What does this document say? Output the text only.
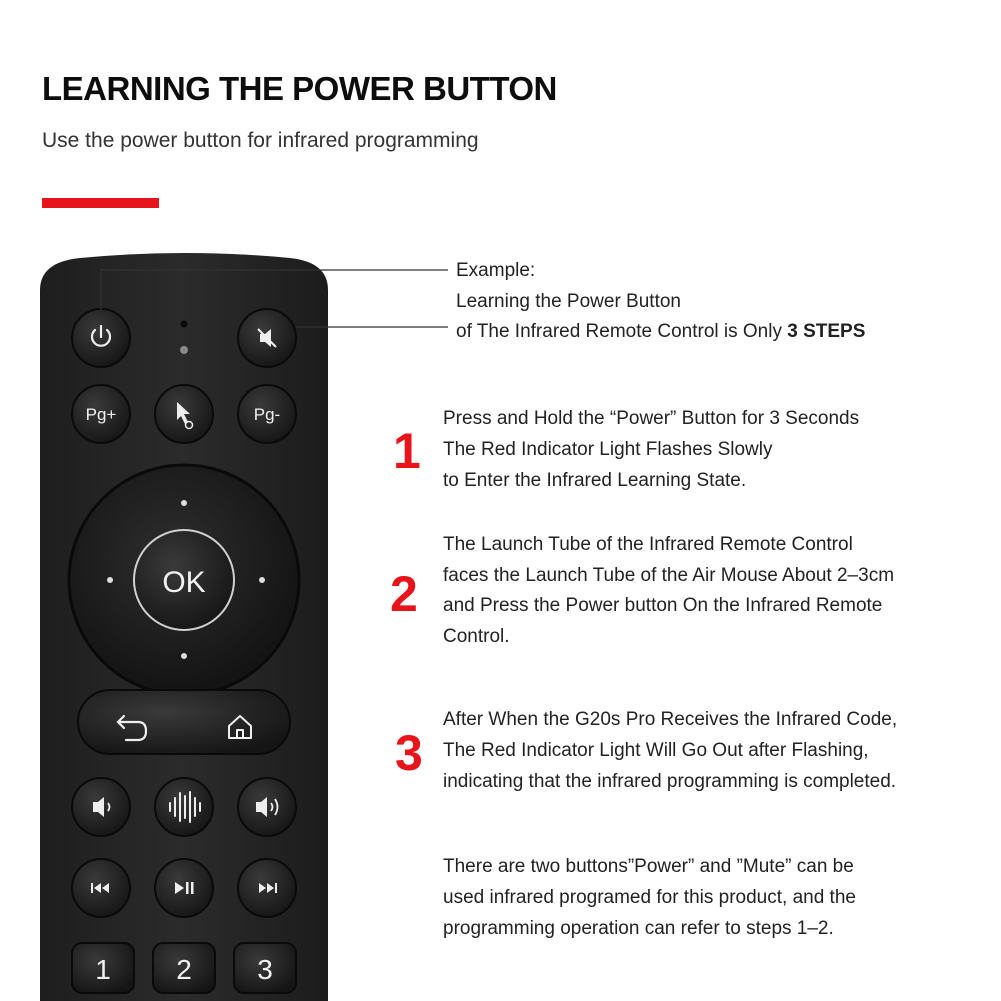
LEARNING THE POWER BUTTON
Use the power button for infrared programming
Pg+	Pg-
OK
1 2 3
Example:
Learning the Power Button
of The Infrared Remote Control is Only 3 STEPS
1
Press and Hold the “Power” Button for 3 Seconds
The Red Indicator Light Flashes Slowly
to Enter the Infrared Learning State.
2
The Launch Tube of the Infrared Remote Control
faces the Launch Tube of the Air Mouse About 2–3cm
and Press the Power button On the Infrared Remote
Control.
3
After When the G20s Pro Receives the Infrared Code,
The Red Indicator Light Will Go Out after Flashing,
indicating that the infrared programming is completed.
There are two buttons”Power” and ”Mute” can be
used infrared programed for this product, and the
programming operation can refer to steps 1–2.
